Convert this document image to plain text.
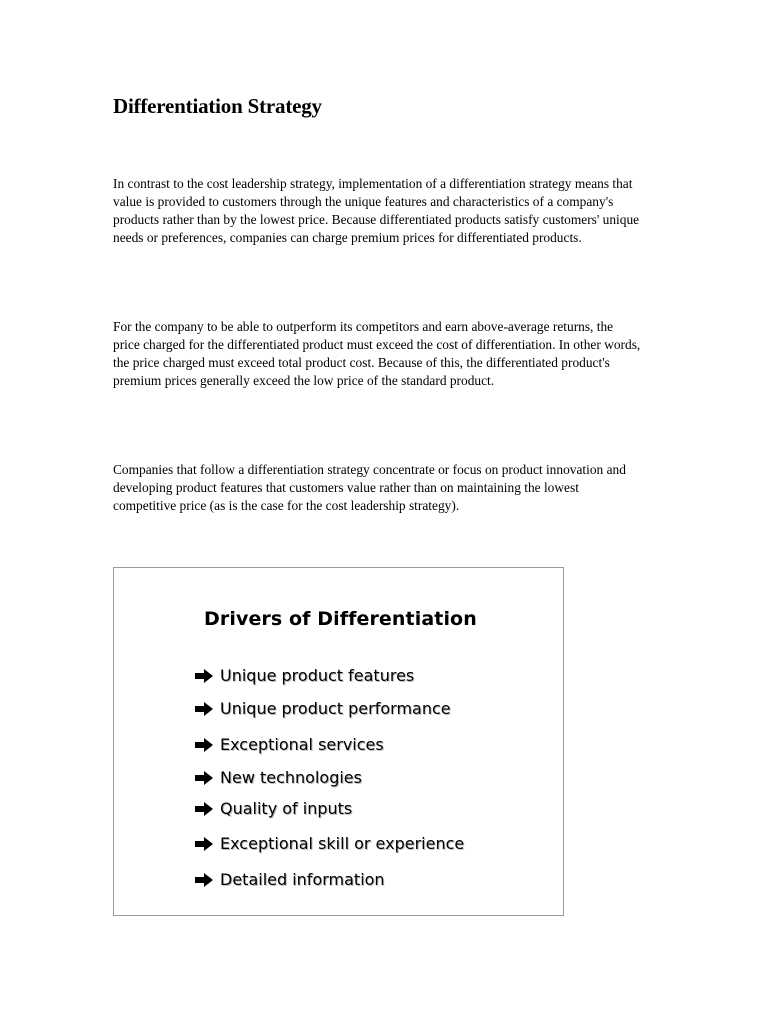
Differentiation Strategy

In contrast to the cost leadership strategy, implementation of a differentiation strategy means that value is provided to customers through the unique features and characteristics of a company's products rather than by the lowest price. Because differentiated products satisfy customers' unique needs or preferences, companies can charge premium prices for differentiated products.

For the company to be able to outperform its competitors and earn above-average returns, the price charged for the differentiated product must exceed the cost of differentiation. In other words, the price charged must exceed total product cost. Because of this, the differentiated product's premium prices generally exceed the low price of the standard product.

Companies that follow a differentiation strategy concentrate or focus on product innovation and developing product features that customers value rather than on maintaining the lowest competitive price (as is the case for the cost leadership strategy).

Drivers of Differentiation
Unique product features
Unique product performance
Exceptional services
New technologies
Quality of inputs
Exceptional skill or experience
Detailed information
